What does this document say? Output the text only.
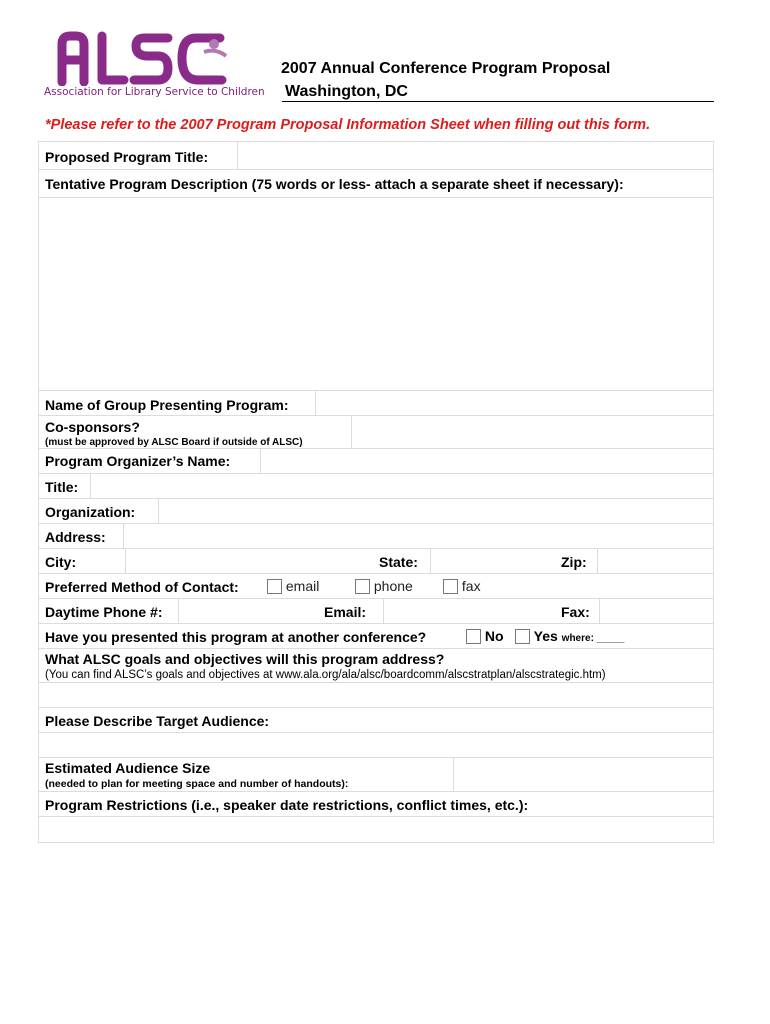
Association for Library Service to Children
2007 Annual Conference Program Proposal
Washington, DC
*Please refer to the 2007 Program Proposal Information Sheet when filling out this form.
Proposed Program Title:
Tentative Program Description (75 words or less- attach a separate sheet if necessary):
Name of Group Presenting Program:
Co-sponsors?
(must be approved by ALSC Board if outside of ALSC)
Program Organizer’s Name:
Title:
Organization:
Address:
City:	State:	Zip:
Preferred Method of Contact:	email	phone	fax
Daytime Phone #:	Email:	Fax:
Have you presented this program at another conference?	No	Yes where: _____
What ALSC goals and objectives will this program address?
(You can find ALSC’s goals and objectives at www.ala.org/ala/alsc/boardcomm/alscstratplan/alscstrategic.htm)
Please Describe Target Audience:
Estimated Audience Size
(needed to plan for meeting space and number of handouts):
Program Restrictions (i.e., speaker date restrictions, conflict times, etc.):
